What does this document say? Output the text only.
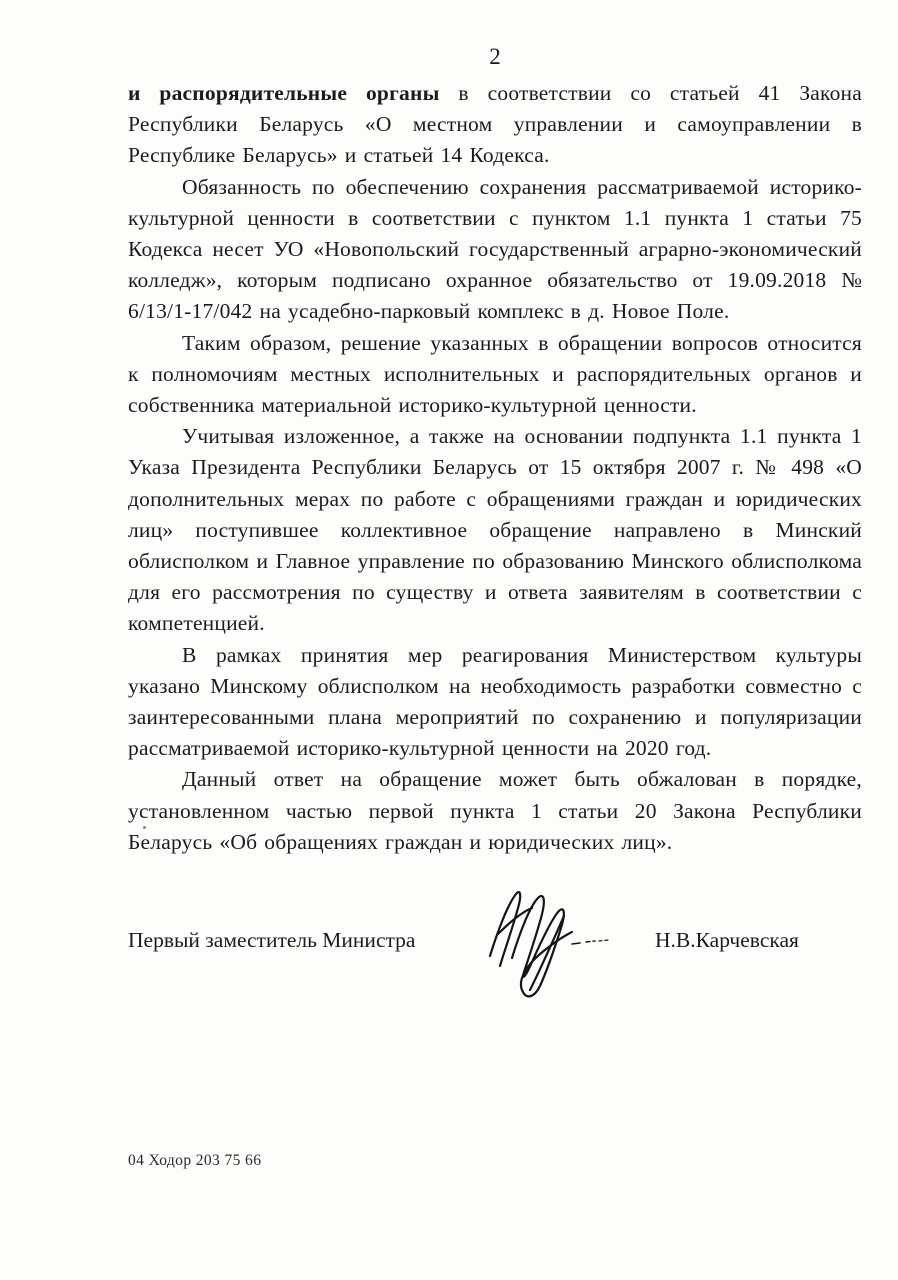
2

и распорядительные органы в соответствии со статьей 41 Закона Республики Беларусь «О местном управлении и самоуправлении в Республике Беларусь» и статьей 14 Кодекса.

Обязанность по обеспечению сохранения рассматриваемой историко-культурной ценности в соответствии с пунктом 1.1 пункта 1 статьи 75 Кодекса несет УО «Новопольский государственный аграрно-экономический колледж», которым подписано охранное обязательство от 19.09.2018 № 6/13/1-17/042 на усадебно-парковый комплекс в д. Новое Поле.

Таким образом, решение указанных в обращении вопросов относится к полномочиям местных исполнительных и распорядительных органов и собственника материальной историко-культурной ценности.

Учитывая изложенное, а также на основании подпункта 1.1 пункта 1 Указа Президента Республики Беларусь от 15 октября 2007 г. № 498 «О дополнительных мерах по работе с обращениями граждан и юридических лиц» поступившее коллективное обращение направлено в Минский облисполком и Главное управление по образованию Минского облисполкома для его рассмотрения по существу и ответа заявителям в соответствии с компетенцией.

В рамках принятия мер реагирования Министерством культуры указано Минскому облисполком на необходимость разработки совместно с заинтересованными плана мероприятий по сохранению и популяризации рассматриваемой историко-культурной ценности на 2020 год.

Данный ответ на обращение может быть обжалован в порядке, установленном частью первой пункта 1 статьи 20 Закона Республики Беларусь «Об обращениях граждан и юридических лиц».

Первый заместитель Министра	Н.В.Карчевская
04 Ходор 203 75 66
